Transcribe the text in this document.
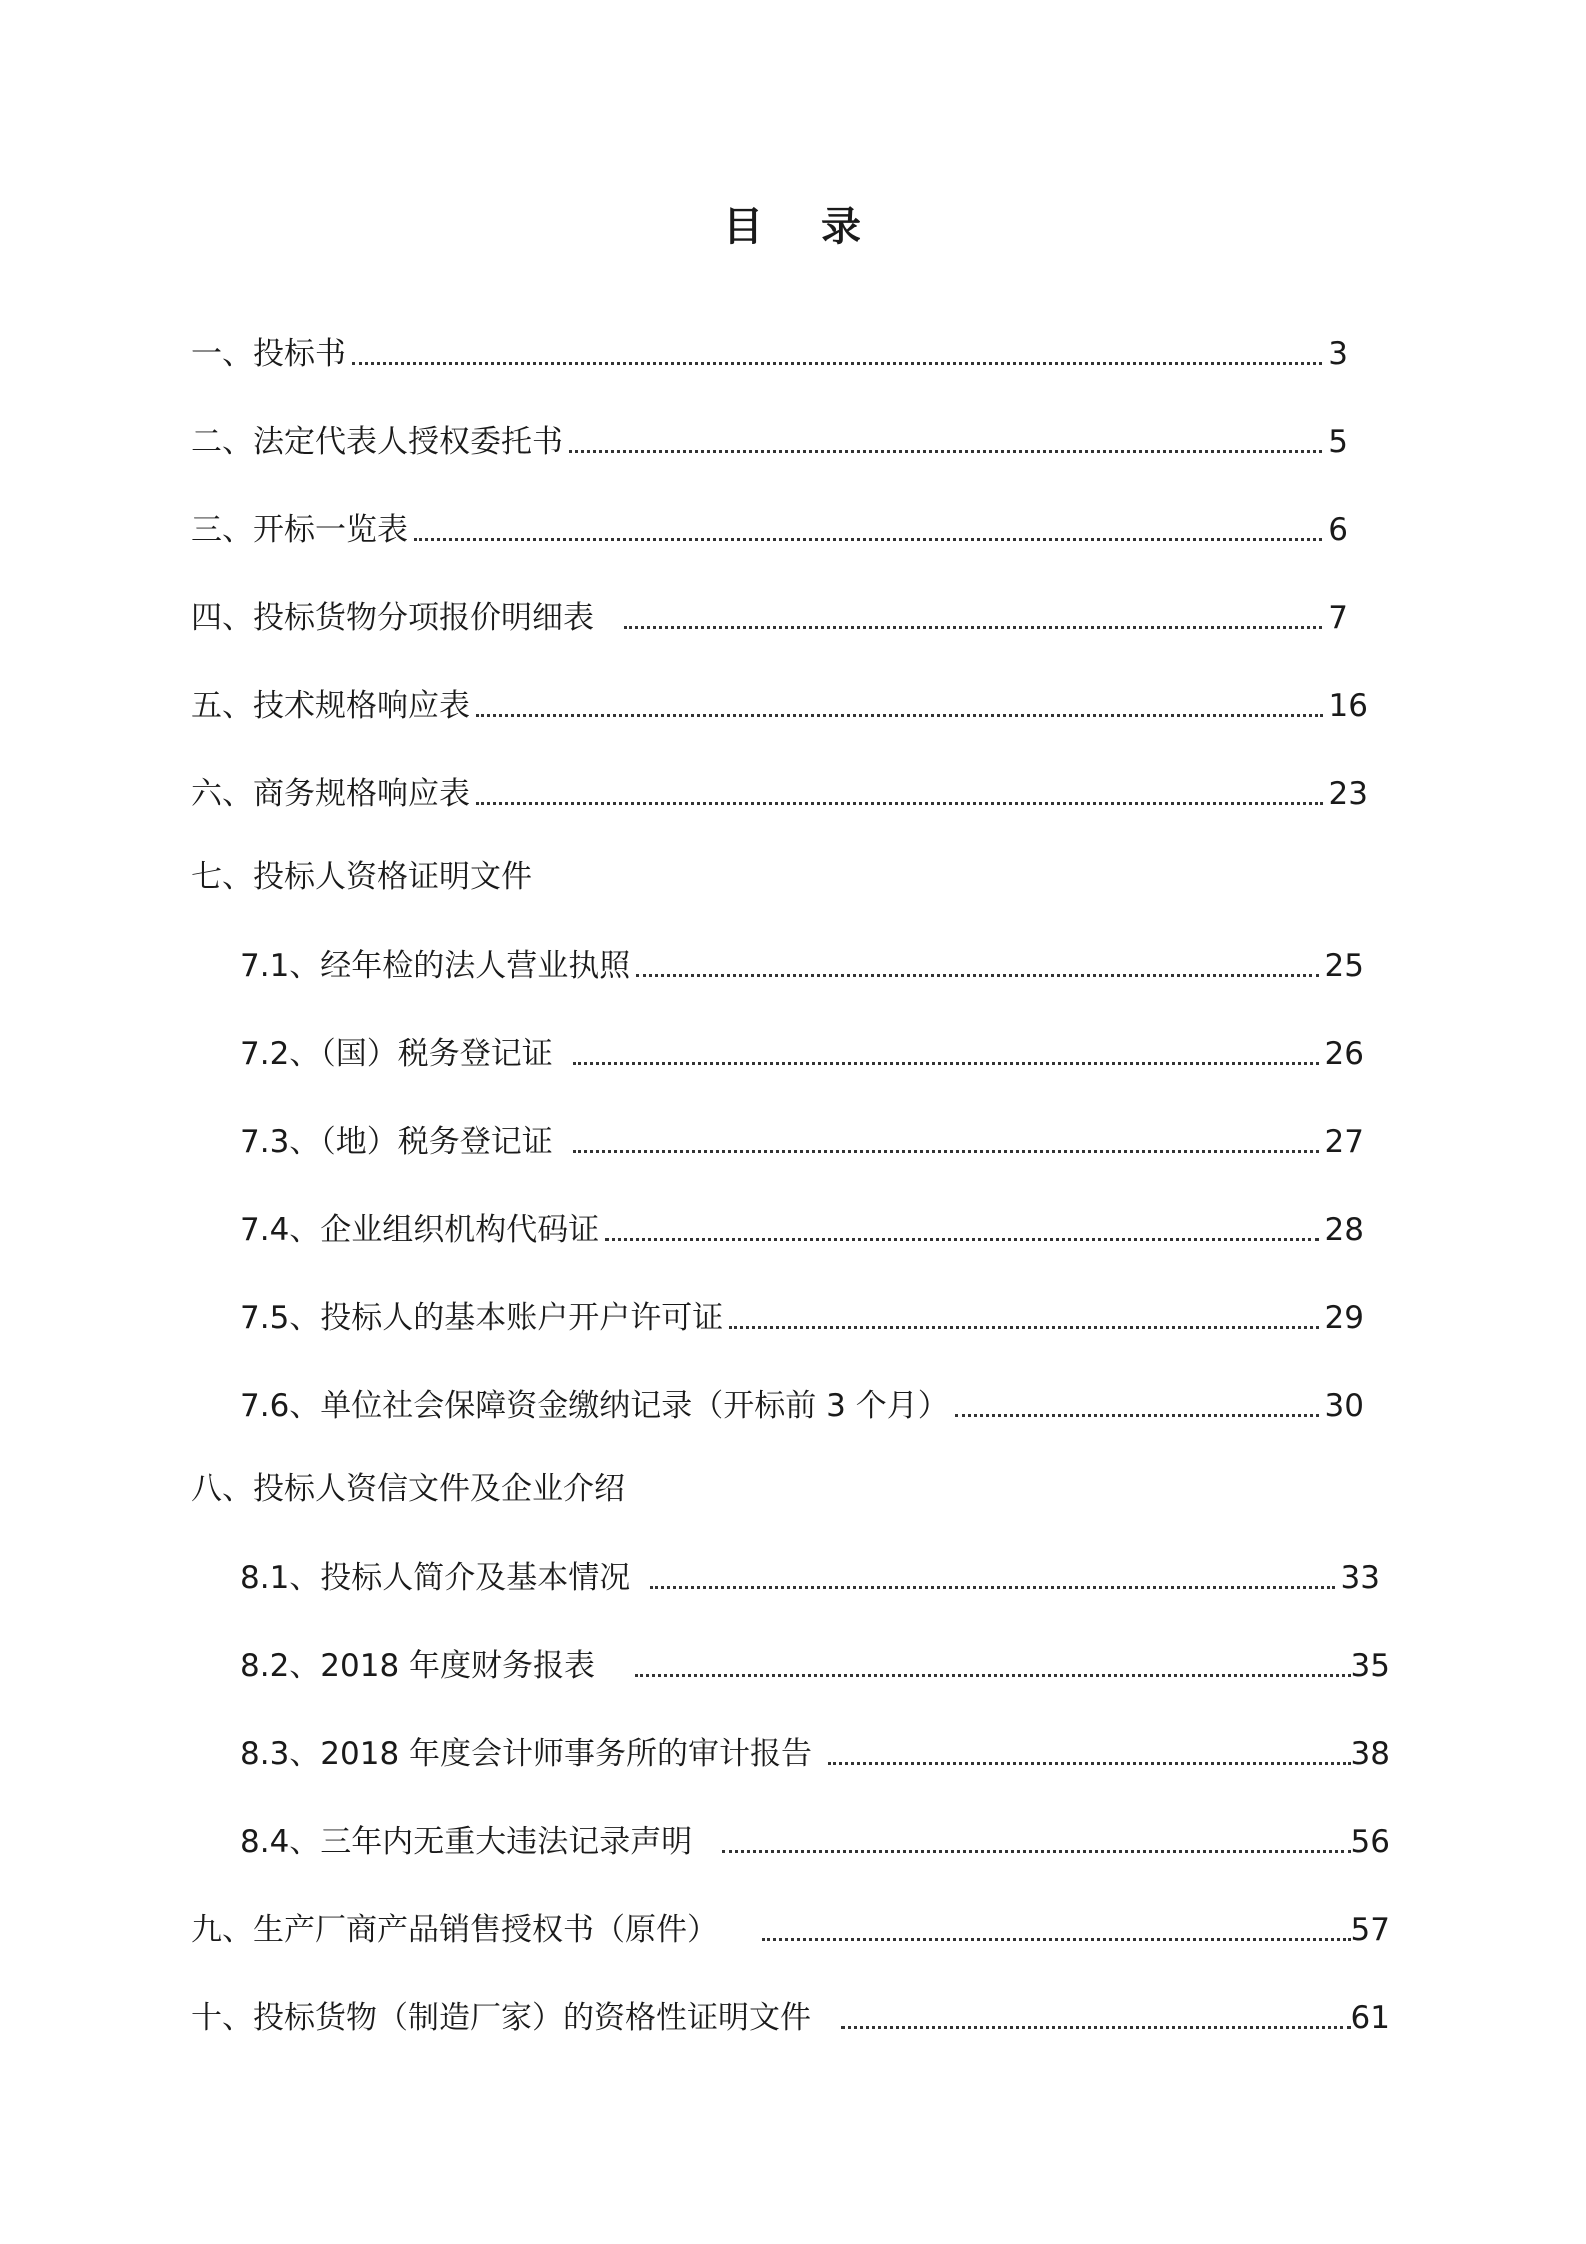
目 录
一、投标书	3
二、法定代表人授权委托书	5
三、开标一览表	6
四、投标货物分项报价明细表	7
五、技术规格响应表	16
六、商务规格响应表	23
七、投标人资格证明文件
7.1、经年检的法人营业执照	25
7.2、（国）税务登记证	26
7.3、（地）税务登记证	27
7.4、企业组织机构代码证	28
7.5、投标人的基本账户开户许可证	29
7.6、单位社会保障资金缴纳记录（开标前 3 个月）	30
八、投标人资信文件及企业介绍
8.1、投标人简介及基本情况	33
8.2、2018 年度财务报表	35
8.3、2018 年度会计师事务所的审计报告	38
8.4、三年内无重大违法记录声明	56
九、生产厂商产品销售授权书（原件）	57
十、投标货物（制造厂家）的资格性证明文件	61
